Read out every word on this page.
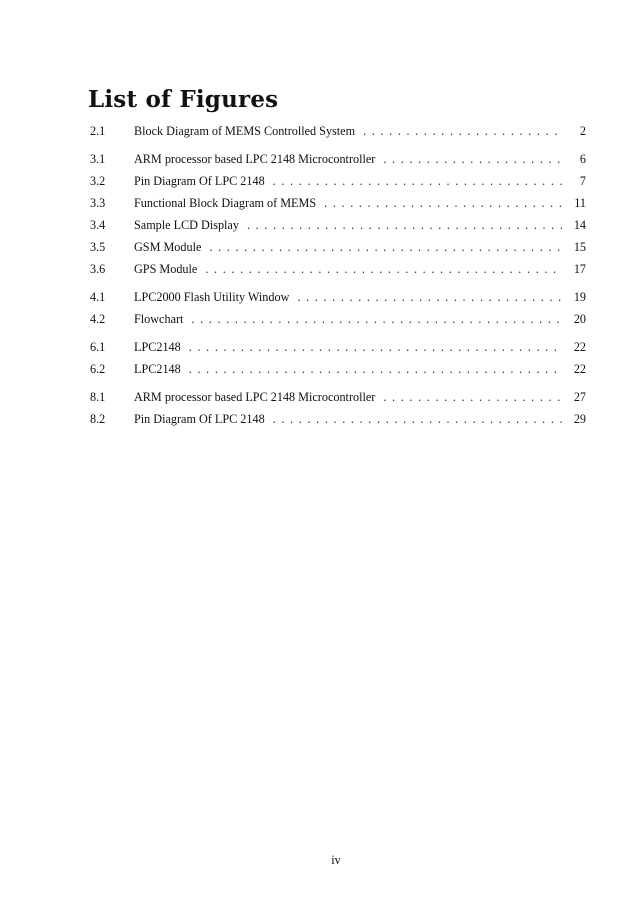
List of Figures
2.1	Block Diagram of MEMS Controlled System . . .	2
3.1	ARM processor based LPC 2148 Microcontroller . . .	6
3.2	Pin Diagram Of LPC 2148 . . .	7
3.3	Functional Block Diagram of MEMS . . .	11
3.4	Sample LCD Display . . .	14
3.5	GSM Module . . .	15
3.6	GPS Module . . .	17
4.1	LPC2000 Flash Utility Window . . .	19
4.2	Flowchart . . .	20
6.1	LPC2148 . . .	22
6.2	LPC2148 . . .	22
8.1	ARM processor based LPC 2148 Microcontroller . . .	27
8.2	Pin Diagram Of LPC 2148 . . .	29
iv
